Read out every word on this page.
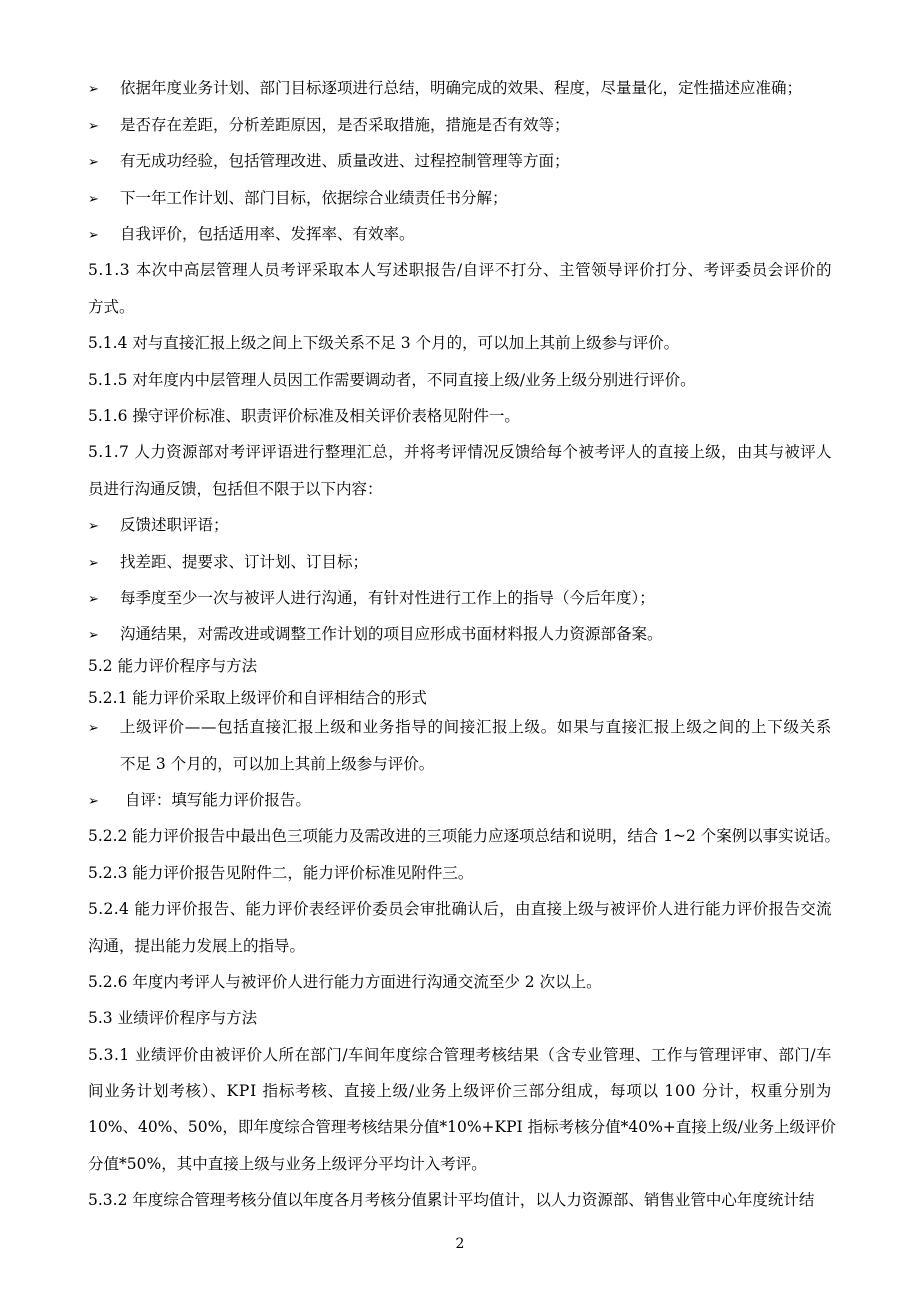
➢ 依据年度业务计划、部门目标逐项进行总结，明确完成的效果、程度，尽量量化，定性描述应准确；
➢ 是否存在差距，分析差距原因，是否采取措施，措施是否有效等；
➢ 有无成功经验，包括管理改进、质量改进、过程控制管理等方面；
➢ 下一年工作计划、部门目标，依据综合业绩责任书分解；
➢ 自我评价，包括适用率、发挥率、有效率。
5.1.3 本次中高层管理人员考评采取本人写述职报告/自评不打分、主管领导评价打分、考评委员会评价的
方式。
5.1.4 对与直接汇报上级之间上下级关系不足 3 个月的，可以加上其前上级参与评价。
5.1.5 对年度内中层管理人员因工作需要调动者，不同直接上级/业务上级分别进行评价。
5.1.6 操守评价标准、职责评价标准及相关评价表格见附件一。
5.1.7 人力资源部对考评评语进行整理汇总，并将考评情况反馈给每个被考评人的直接上级，由其与被评人
员进行沟通反馈，包括但不限于以下内容：
➢ 反馈述职评语；
➢ 找差距、提要求、订计划、订目标；
➢ 每季度至少一次与被评人进行沟通，有针对性进行工作上的指导（今后年度）；
➢ 沟通结果，对需改进或调整工作计划的项目应形成书面材料报人力资源部备案。
5.2 能力评价程序与方法
5.2.1 能力评价采取上级评价和自评相结合的形式
➢ 上级评价——包括直接汇报上级和业务指导的间接汇报上级。如果与直接汇报上级之间的上下级关系
不足 3 个月的，可以加上其前上级参与评价。
➢ 自评：填写能力评价报告。
5.2.2 能力评价报告中最出色三项能力及需改进的三项能力应逐项总结和说明，结合 1~2 个案例以事实说话。
5.2.3 能力评价报告见附件二，能力评价标准见附件三。
5.2.4 能力评价报告、能力评价表经评价委员会审批确认后，由直接上级与被评价人进行能力评价报告交流
沟通，提出能力发展上的指导。
5.2.6 年度内考评人与被评价人进行能力方面进行沟通交流至少 2 次以上。
5.3 业绩评价程序与方法
5.3.1 业绩评价由被评价人所在部门/车间年度综合管理考核结果（含专业管理、工作与管理评审、部门/车
间业务计划考核）、KPI 指标考核、直接上级/业务上级评价三部分组成，每项以 100 分计，权重分别为
10%、40%、50%，即年度综合管理考核结果分值*10%+KPI 指标考核分值*40%+直接上级/业务上级评价
分值*50%，其中直接上级与业务上级评分平均计入考评。
5.3.2 年度综合管理考核分值以年度各月考核分值累计平均值计，以人力资源部、销售业管中心年度统计结
2
